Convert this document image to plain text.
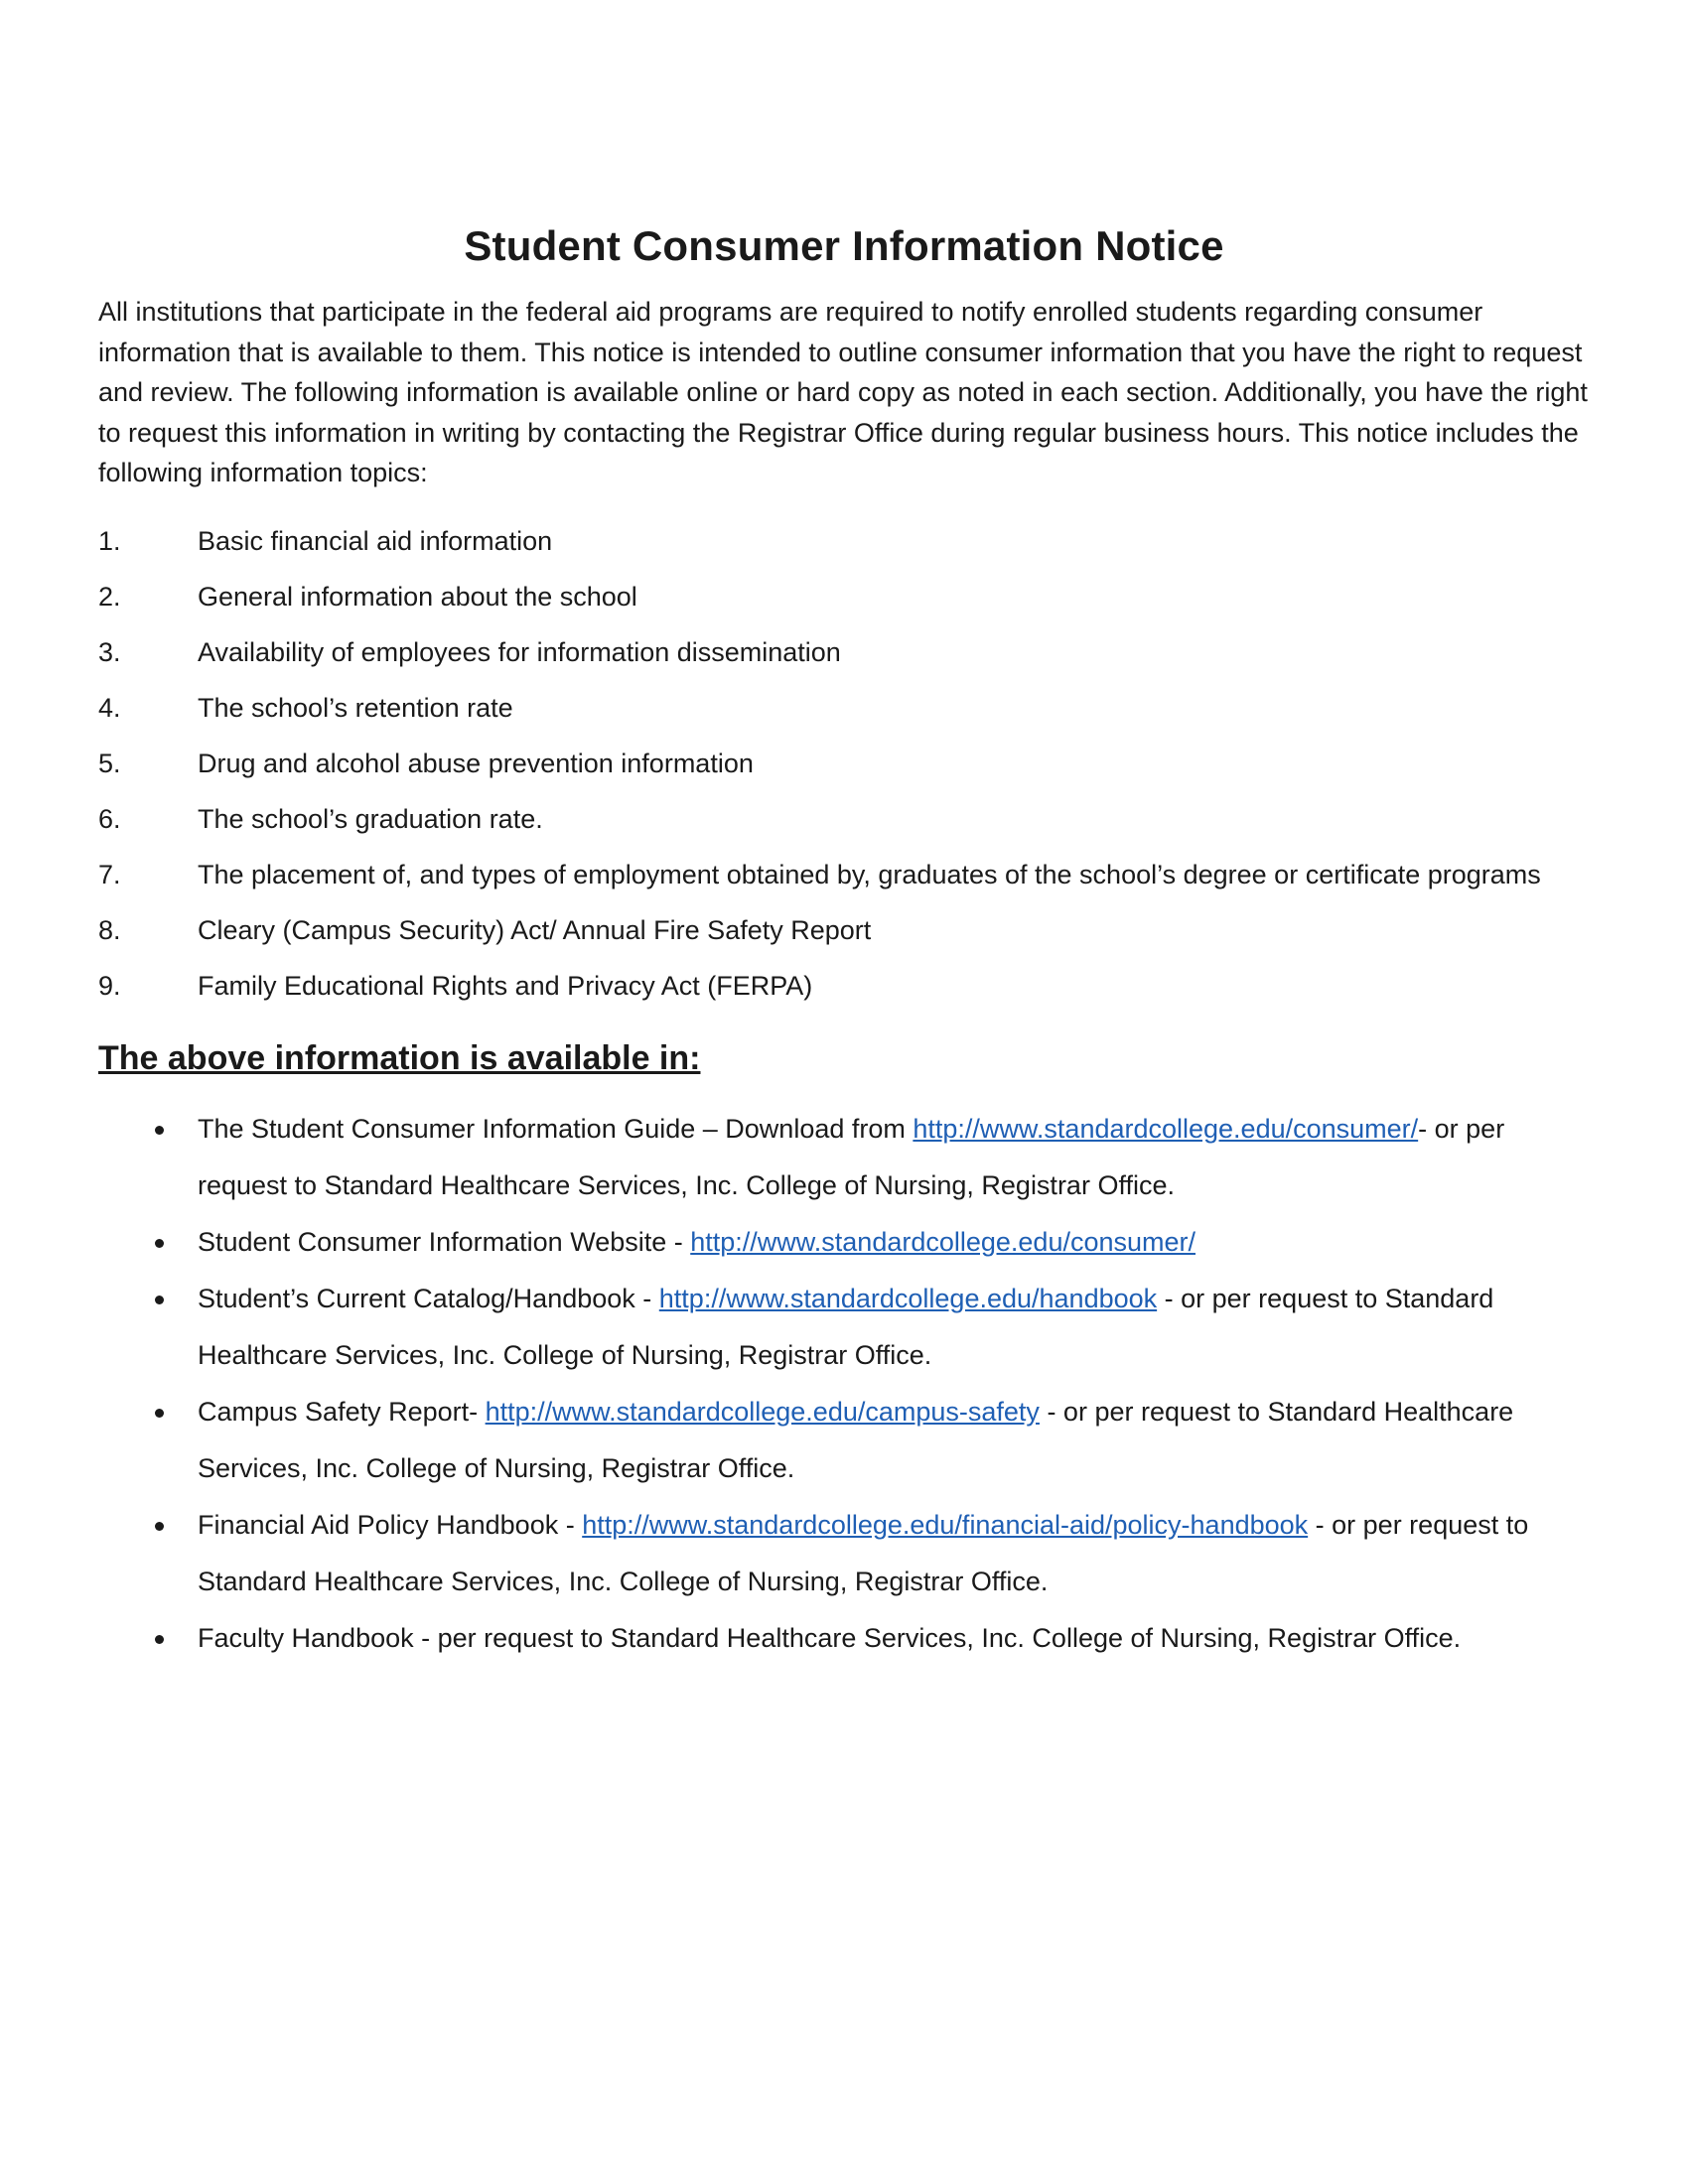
Student Consumer Information Notice

All institutions that participate in the federal aid programs are required to notify enrolled students regarding consumer information that is available to them. This notice is intended to outline consumer information that you have the right to request and review. The following information is available online or hard copy as noted in each section. Additionally, you have the right to request this information in writing by contacting the Registrar Office during regular business hours. This notice includes the following information topics:

1.	Basic financial aid information
2.	General information about the school
3.	Availability of employees for information dissemination
4.	The school’s retention rate
5.	Drug and alcohol abuse prevention information
6.	The school’s graduation rate.
7.	The placement of, and types of employment obtained by, graduates of the school’s degree or certificate programs
8.	Cleary (Campus Security) Act/ Annual Fire Safety Report
9.	Family Educational Rights and Privacy Act (FERPA)
The above information is available in:
The Student Consumer Information Guide – Download from http://www.standardcollege.edu/consumer/- or per request to Standard Healthcare Services, Inc. College of Nursing, Registrar Office.
Student Consumer Information Website - http://www.standardcollege.edu/consumer/
Student’s Current Catalog/Handbook - http://www.standardcollege.edu/handbook - or per request to Standard Healthcare Services, Inc. College of Nursing, Registrar Office.
Campus Safety Report- http://www.standardcollege.edu/campus-safety - or per request to Standard Healthcare Services, Inc. College of Nursing, Registrar Office.
Financial Aid Policy Handbook - http://www.standardcollege.edu/financial-aid/policy-handbook - or per request to Standard Healthcare Services, Inc. College of Nursing, Registrar Office.
Faculty Handbook - per request to Standard Healthcare Services, Inc. College of Nursing, Registrar Office.
